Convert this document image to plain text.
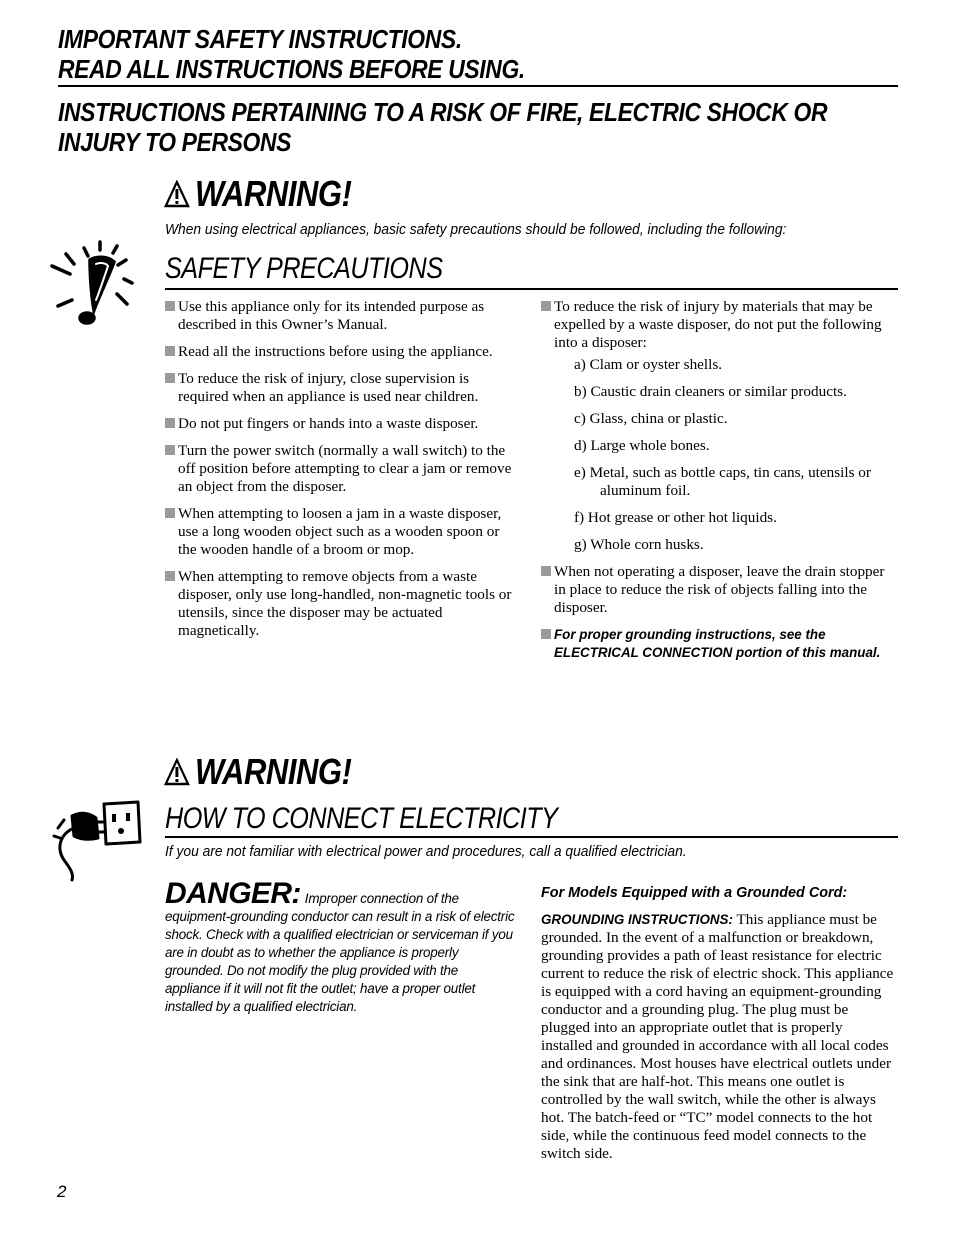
IMPORTANT SAFETY INSTRUCTIONS.
READ ALL INSTRUCTIONS BEFORE USING.
INSTRUCTIONS PERTAINING TO A RISK OF FIRE, ELECTRIC SHOCK OR
INJURY TO PERSONS
WARNING!
When using electrical appliances, basic safety precautions should be followed, including the following:
SAFETY PRECAUTIONS
Use this appliance only for its intended purpose as described in this Owner’s Manual.
Read all the instructions before using the appliance.
To reduce the risk of injury, close supervision is required when an appliance is used near children.
Do not put fingers or hands into a waste disposer.
Turn the power switch (normally a wall switch) to the off position before attempting to clear a jam or remove an object from the disposer.
When attempting to loosen a jam in a waste disposer, use a long wooden object such as a wooden spoon or the wooden handle of a broom or mop.
When attempting to remove objects from a waste disposer, only use long-handled, non-magnetic tools or utensils, since the disposer may be actuated magnetically.
To reduce the risk of injury by materials that may be expelled by a waste disposer, do not put the following into a disposer:
a) Clam or oyster shells.
b) Caustic drain cleaners or similar products.
c) Glass, china or plastic.
d) Large whole bones.
e) Metal, such as bottle caps, tin cans, utensils or aluminum foil.
f) Hot grease or other hot liquids.
g) Whole corn husks.
When not operating a disposer, leave the drain stopper in place to reduce the risk of objects falling into the disposer.
For proper grounding instructions, see the ELECTRICAL CONNECTION portion of this manual.
WARNING!
HOW TO CONNECT ELECTRICITY
If you are not familiar with electrical power and procedures, call a qualified electrician.
DANGER: Improper connection of the equipment-grounding conductor can result in a risk of electric shock. Check with a qualified electrician or serviceman if you are in doubt as to whether the appliance is properly grounded. Do not modify the plug provided with the appliance if it will not fit the outlet; have a proper outlet installed by a qualified electrician.
For Models Equipped with a Grounded Cord:
GROUNDING INSTRUCTIONS: This appliance must be grounded. In the event of a malfunction or breakdown, grounding provides a path of least resistance for electric current to reduce the risk of electric shock. This appliance is equipped with a cord having an equipment-grounding conductor and a grounding plug. The plug must be plugged into an appropriate outlet that is properly installed and grounded in accordance with all local codes and ordinances. Most houses have electrical outlets under the sink that are half-hot. This means one outlet is controlled by the wall switch, while the other is always hot. The batch-feed or “TC” model connects to the hot side, while the continuous feed model connects to the switch side.
2
